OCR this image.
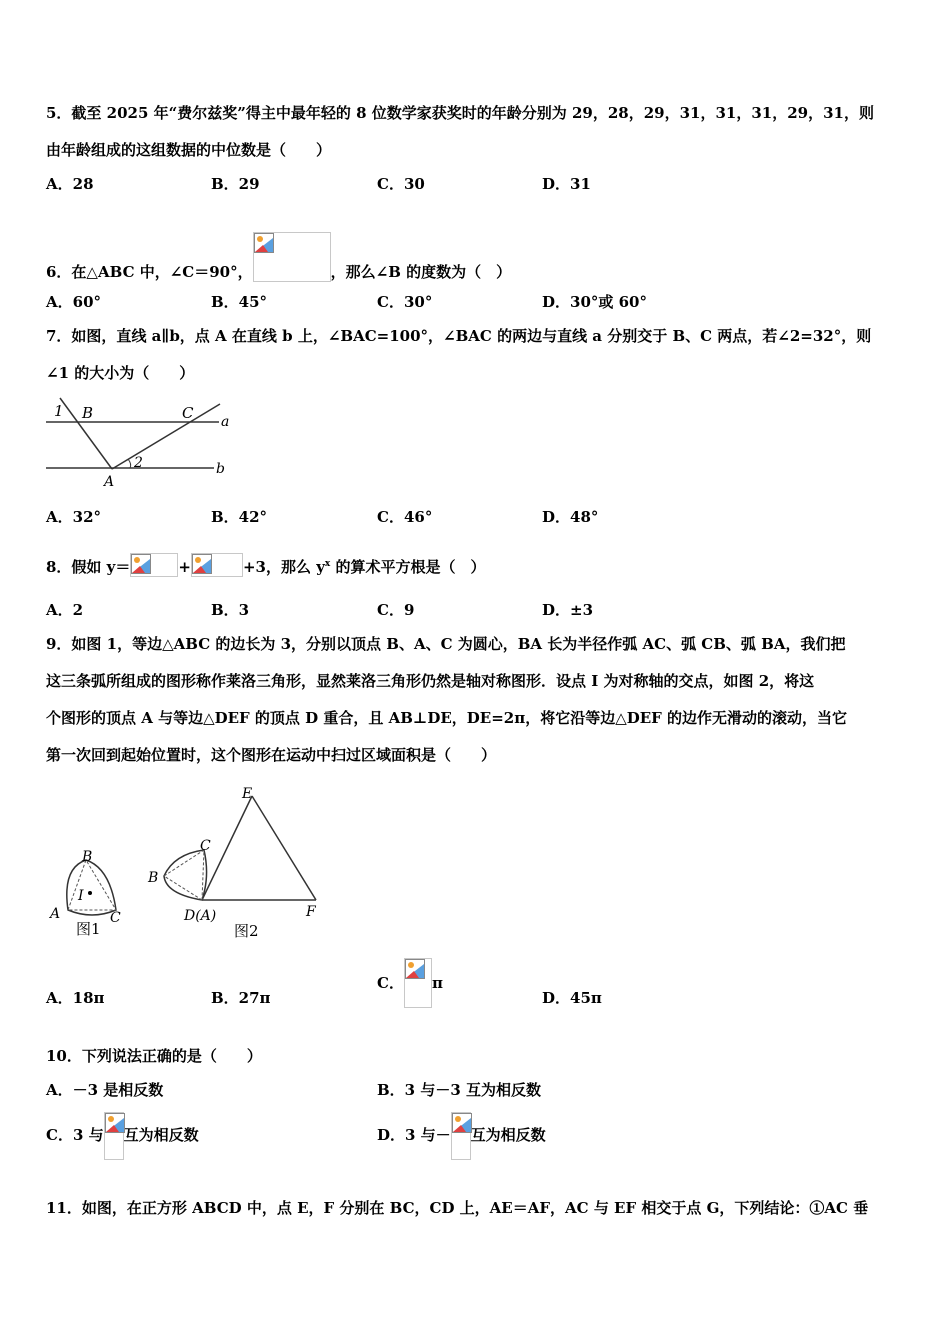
5．截至 2025 年“费尔兹奖”得主中最年轻的 8 位数学家获奖时的年龄分别为 29，28，29，31，31，31，29，31，则
由年龄组成的这组数据的中位数是（　　）
A．28	B．29	C．30	D．31
6．在△ABC 中，∠C＝90°，	，那么∠B 的度数为（　）
A．60°	B．45°	C．30°	D．30°或 60°
7．如图，直线 a∥b，点 A 在直线 b 上，∠BAC=100°，∠BAC 的两边与直线 a 分别交于 B、C 两点，若∠2=32°，则
∠1 的大小为（　　）
1 B	C a
2	b
A
A．32°	B．42°	C．46°	D．48°
8．假如 y＝	+	+3，那么 $y^x$ 的算术平方根是（　）
A．2	B．3	C．9	D．±3
9．如图 1，等边△ABC 的边长为 3，分别以顶点 B、A、C 为圆心，BA 长为半径作弧 AC、弧 CB、弧 BA，我们把
这三条弧所组成的图形称作莱洛三角形，显然莱洛三角形仍然是轴对称图形．设点 I 为对称轴的交点，如图 2，将这
个图形的顶点 A 与等边△DEF 的顶点 D 重合，且 AB⊥DE，DE=2π，将它沿等边△DEF 的边作无滑动的滚动，当它
第一次回到起始位置时，这个图形在运动中扫过区域面积是（　　）
B
I
A	C
图1
E
C
B
D(A)	F
图2
A．18π	B．27π
C． π
D．45π
10．下列说法正确的是（　　）
A．－3 是相反数	B．3 与－3 互为相反数
C．3 与 互为相反数	D．3 与－ 互为相反数
11．如图，在正方形 ABCD 中，点 E，F 分别在 BC，CD 上，AE＝AF，AC 与 EF 相交于点 G，下列结论：①AC 垂
